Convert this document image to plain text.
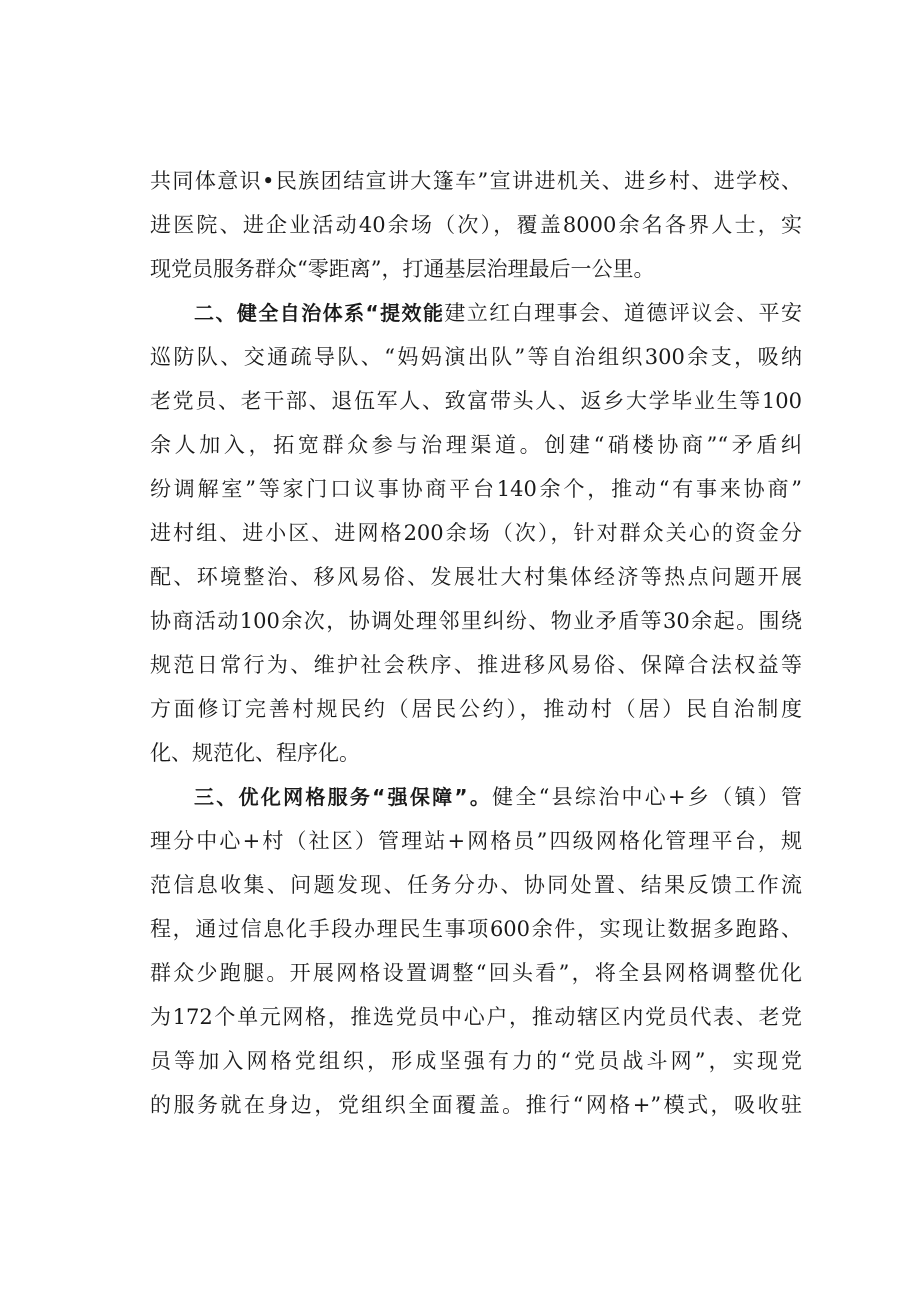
共同体意识•民族团结宣讲大篷车”宣讲进机关、进乡村、进学校、
进医院、进企业活动40余场（次），覆盖8000余名各界人士，实
现党员服务群众“零距离”，打通基层治理最后一公里。
二、健全自治体系“提效能建立红白理事会、道德评议会、平安
巡防队、交通疏导队、“妈妈演出队”等自治组织300余支，吸纳
老党员、老干部、退伍军人、致富带头人、返乡大学毕业生等100
余人加入，拓宽群众参与治理渠道。创建“硝楼协商”“矛盾纠
纷调解室”等家门口议事协商平台140余个，推动“有事来协商”
进村组、进小区、进网格200余场（次），针对群众关心的资金分
配、环境整治、移风易俗、发展壮大村集体经济等热点问题开展
协商活动100余次，协调处理邻里纠纷、物业矛盾等30余起。围绕
规范日常行为、维护社会秩序、推进移风易俗、保障合法权益等
方面修订完善村规民约（居民公约），推动村（居）民自治制度
化、规范化、程序化。
三、优化网格服务“强保障”。健全“县综治中心+乡（镇）管
理分中心+村（社区）管理站+网格员”四级网格化管理平台，规
范信息收集、问题发现、任务分办、协同处置、结果反馈工作流
程，通过信息化手段办理民生事项600余件，实现让数据多跑路、
群众少跑腿。开展网格设置调整“回头看”，将全县网格调整优化
为172个单元网格，推选党员中心户，推动辖区内党员代表、老党
员等加入网格党组织，形成坚强有力的“党员战斗网”，实现党
的服务就在身边，党组织全面覆盖。推行“网格+”模式，吸收驻
